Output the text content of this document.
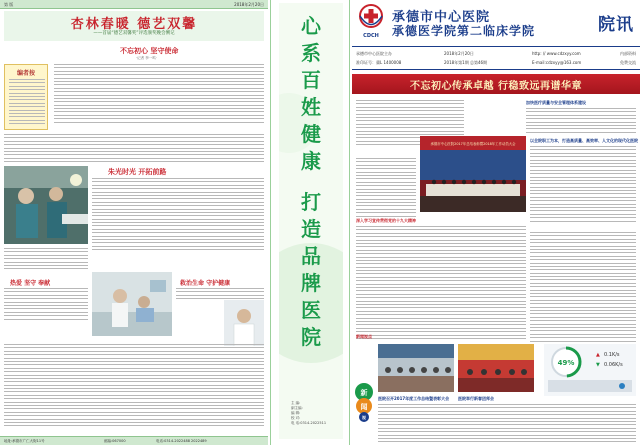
第 版	2018年2月20日
杏林春暖 德艺双馨
——首届“德艺双馨奖”评选颁奖晚会侧记
编者按
不忘初心 坚守使命
·记者 李一鸣·
朱光时光 开拓前路
热爱 坚守 奉献	救治生命 守护健康
地址:承德市广仁大街11号	邮编:067000	电话:0314-2022488 2022489
心
系
百
姓
健
康
打
造
品
牌
医
院
主 编:
副主编:
编 辑:
校 对:
电 话:0314-2022511
CDCH
承德市中心医院
承德医学院第二临床学院	院讯
承德市中心医院主办	2018年2月20日	http: // www.cdzxyy.com	内部资料
准印证号：冀L 1400008	2018年第1期 总第46期	E-mail:cdzxyy@163.com	免费交流
不忘初心传承卓越 行稳致远再谱华章
加快医疗质量与安全管理体系建设
承德市中心医院2017年总结表彰暨2018年工作动员大会
以全院职工为本，打造高质量、高效率、人文化的现代化医院
深入学习宣传贯彻党的十九大精神
新
闻
视
新闻视点
49%
▲ 0.1K/s
▼ 0.06K/s
医院召开2017年度工作总结暨表彰大会 医院举行新春团拜会
